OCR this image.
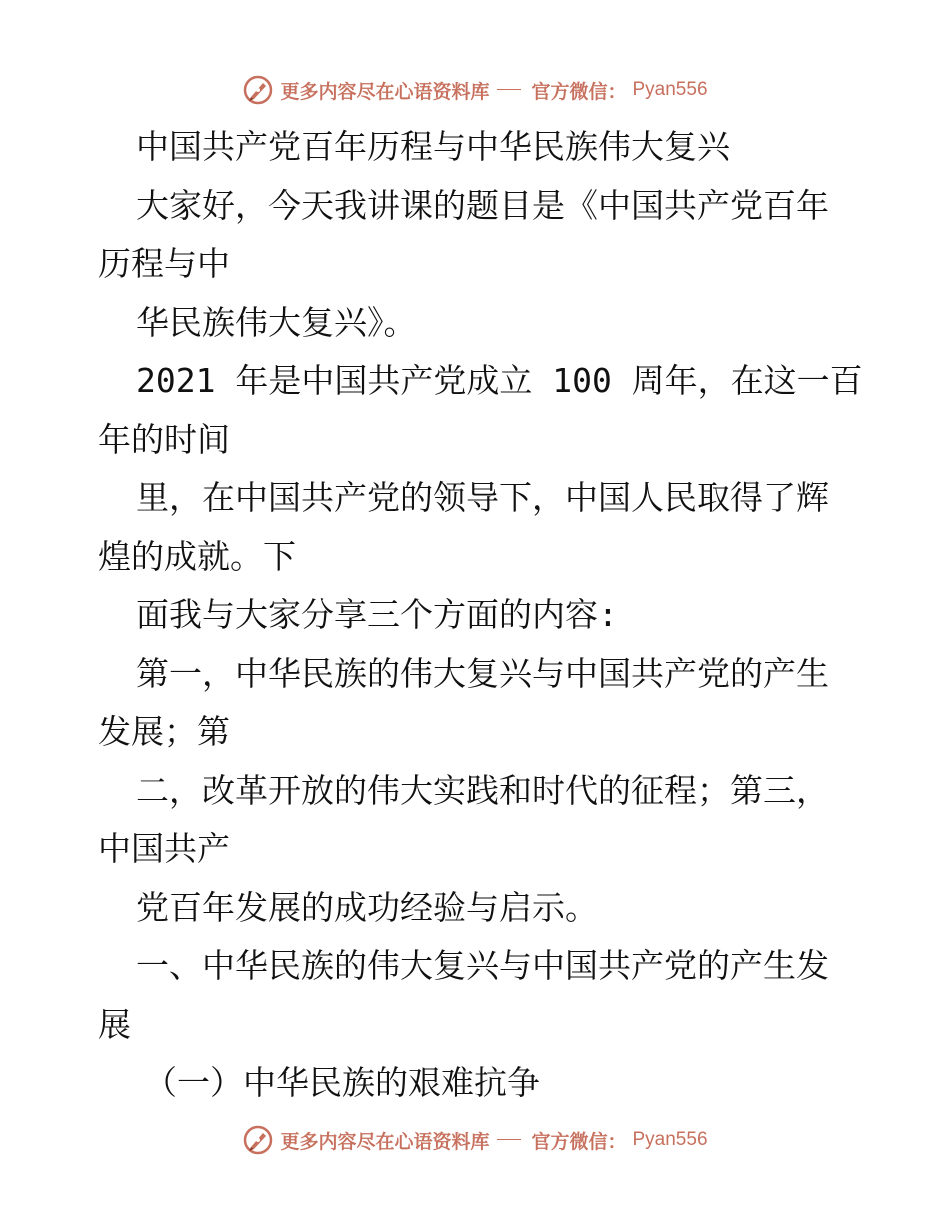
更多内容尽在心语资料库 官方微信： Pyan556
中国共产党百年历程与中华民族伟大复兴
大家好，今天我讲课的题目是《中国共产党百年
历程与中
华民族伟大复兴》。
2021 年是中国共产党成立 100 周年，在这一百
年的时间
里，在中国共产党的领导下，中国人民取得了辉
煌的成就。下
面我与大家分享三个方面的内容:
第一，中华民族的伟大复兴与中国共产党的产生
发展；第
二，改革开放的伟大实践和时代的征程；第三，
中国共产
党百年发展的成功经验与启示。
一、中华民族的伟大复兴与中国共产党的产生发
展
（一）中华民族的艰难抗争
更多内容尽在心语资料库 官方微信： Pyan556
